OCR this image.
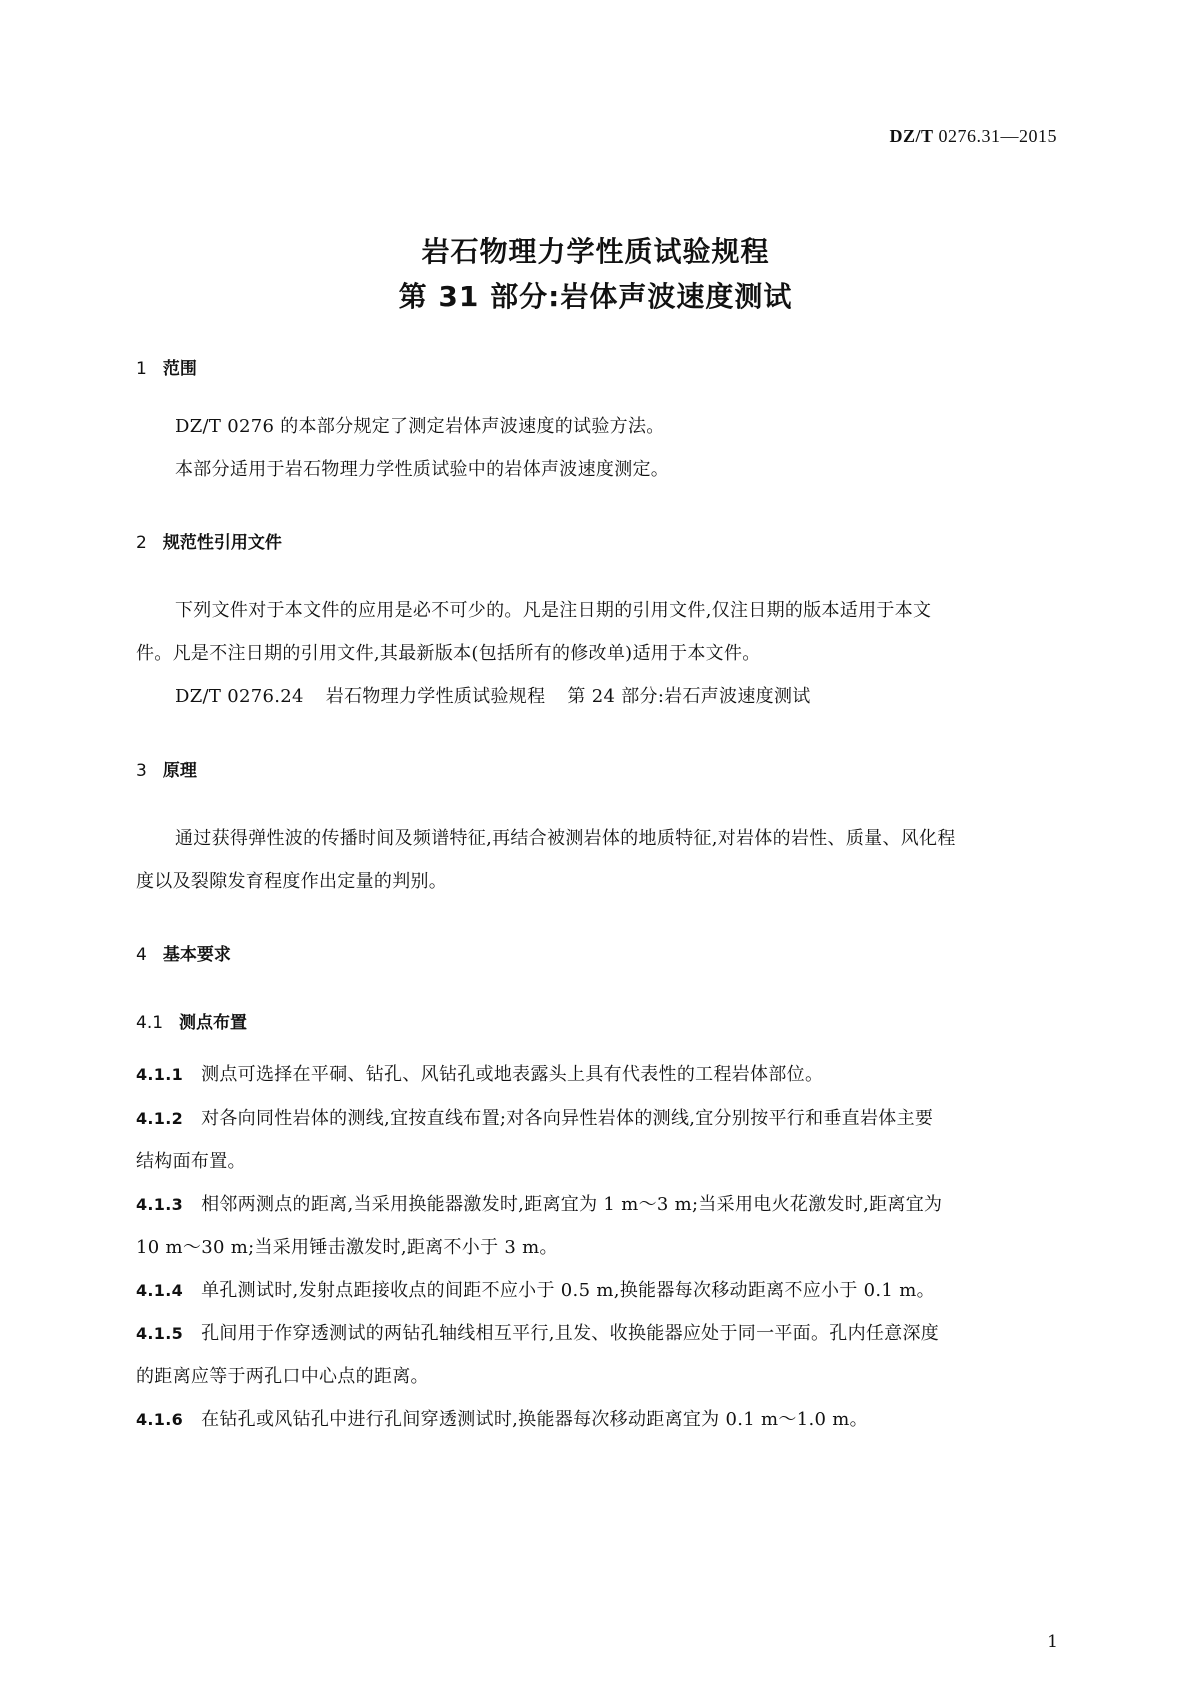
DZ/T 0276.31—2015
岩石物理力学性质试验规程
第 31 部分:岩体声波速度测试
1 范围
DZ/T 0276 的本部分规定了测定岩体声波速度的试验方法。
本部分适用于岩石物理力学性质试验中的岩体声波速度测定。
2 规范性引用文件
下列文件对于本文件的应用是必不可少的。凡是注日期的引用文件,仅注日期的版本适用于本文
件。凡是不注日期的引用文件,其最新版本(包括所有的修改单)适用于本文件。
DZ/T 0276.24 岩石物理力学性质试验规程 第 24 部分:岩石声波速度测试
3 原理
通过获得弹性波的传播时间及频谱特征,再结合被测岩体的地质特征,对岩体的岩性、质量、风化程
度以及裂隙发育程度作出定量的判别。
4 基本要求
4.1 测点布置
4.1.1 测点可选择在平硐、钻孔、风钻孔或地表露头上具有代表性的工程岩体部位。
4.1.2 对各向同性岩体的测线,宜按直线布置;对各向异性岩体的测线,宜分别按平行和垂直岩体主要
结构面布置。
4.1.3 相邻两测点的距离,当采用换能器激发时,距离宜为 1 m～3 m;当采用电火花激发时,距离宜为
10 m～30 m;当采用锤击激发时,距离不小于 3 m。
4.1.4 单孔测试时,发射点距接收点的间距不应小于 0.5 m,换能器每次移动距离不应小于 0.1 m。
4.1.5 孔间用于作穿透测试的两钻孔轴线相互平行,且发、收换能器应处于同一平面。孔内任意深度
的距离应等于两孔口中心点的距离。
4.1.6 在钻孔或风钻孔中进行孔间穿透测试时,换能器每次移动距离宜为 0.1 m～1.0 m。
1
